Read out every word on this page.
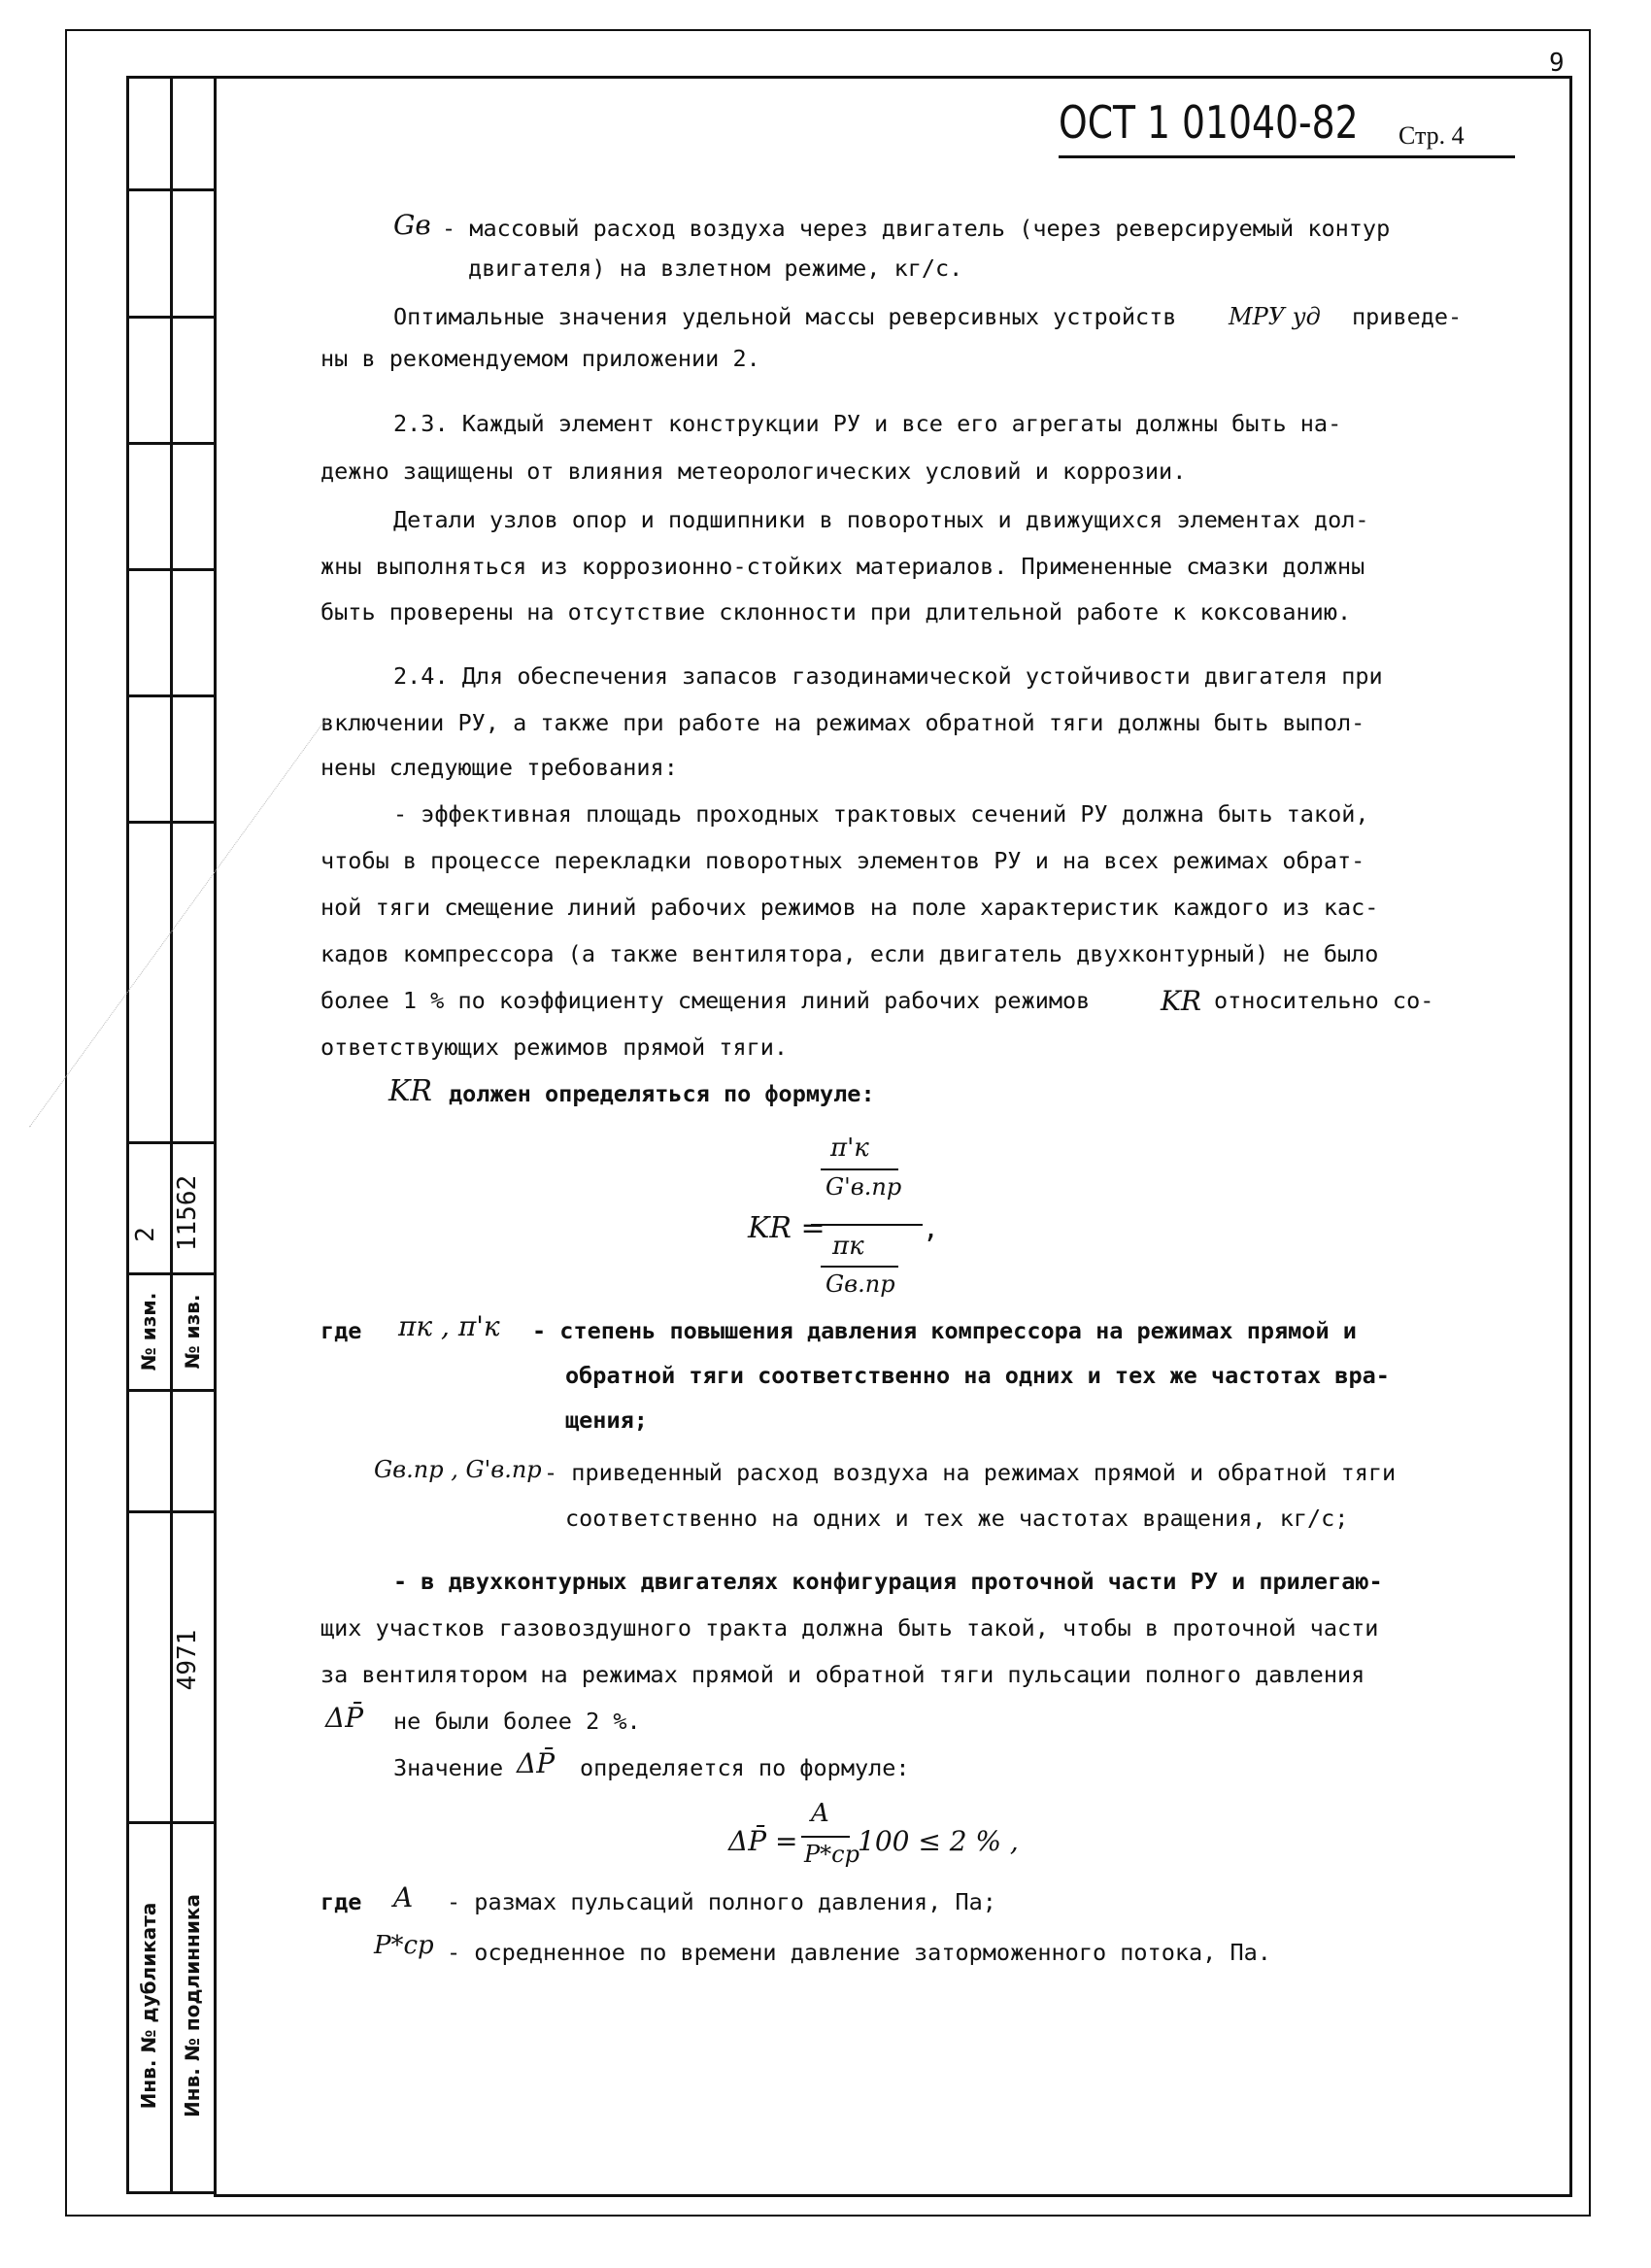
№ изм.
2
№ изв.
11562
4971
Инв. № дубликата Инв. № подлинника
9
ОСТ 1 01040-82 Стр. 4
Gв - массовый расход воздуха через двигатель (через реверсируемый контур
двигателя) на взлетном режиме, кг/с.
Оптимальные значения удельной массы реверсивных устройств MРУ уд приведе-
ны в рекомендуемом приложении 2.
2.3. Каждый элемент конструкции РУ и все его агрегаты должны быть на-
дежно защищены от влияния метеорологических условий и коррозии.
Детали узлов опор и подшипники в поворотных и движущихся элементах дол-
жны выполняться из коррозионно-стойких материалов. Примененные смазки должны
быть проверены на отсутствие склонности при длительной работе к коксованию.
2.4. Для обеспечения запасов газодинамической устойчивости двигателя при
включении РУ, а также при работе на режимах обратной тяги должны быть выпол-
нены следующие требования:
- эффективная площадь проходных трактовых сечений РУ должна быть такой,
чтобы в процессе перекладки поворотных элементов РУ и на всех режимах обрат-
ной тяги смещение линий рабочих режимов на поле характеристик каждого из кас-
кадов компрессора (а также вентилятора, если двигатель двухконтурный) не было
более 1 % по коэффициенту смещения линий рабочих режимов	KR относительно со-
ответствующих режимов прямой тяги.
KR должен определяться по формуле:
KR =
π'к
G'в.пр
πк
Gв.пр
,
где πк , π'к - степень повышения давления компрессора на режимах прямой и
обратной тяги соответственно на одних и тех же частотах вра-
щения;
Gв.пр , G'в.пр - приведенный расход воздуха на режимах прямой и обратной тяги
соответственно на одних и тех же частотах вращения, кг/с;
- в двухконтурных двигателях конфигурация проточной части РУ и прилегаю-
щих участков газовоздушного тракта должна быть такой, чтобы в проточной части
за вентилятором на режимах прямой и обратной тяги пульсации полного давления
ΔP̄ не были более 2 %.
Значение ΔP̄ определяется по формуле:
ΔP̄ =
A
P*ср
100 ≤ 2 % ,
где A - размах пульсаций полного давления, Па;
P*ср - осредненное по времени давление заторможенного потока, Па.
